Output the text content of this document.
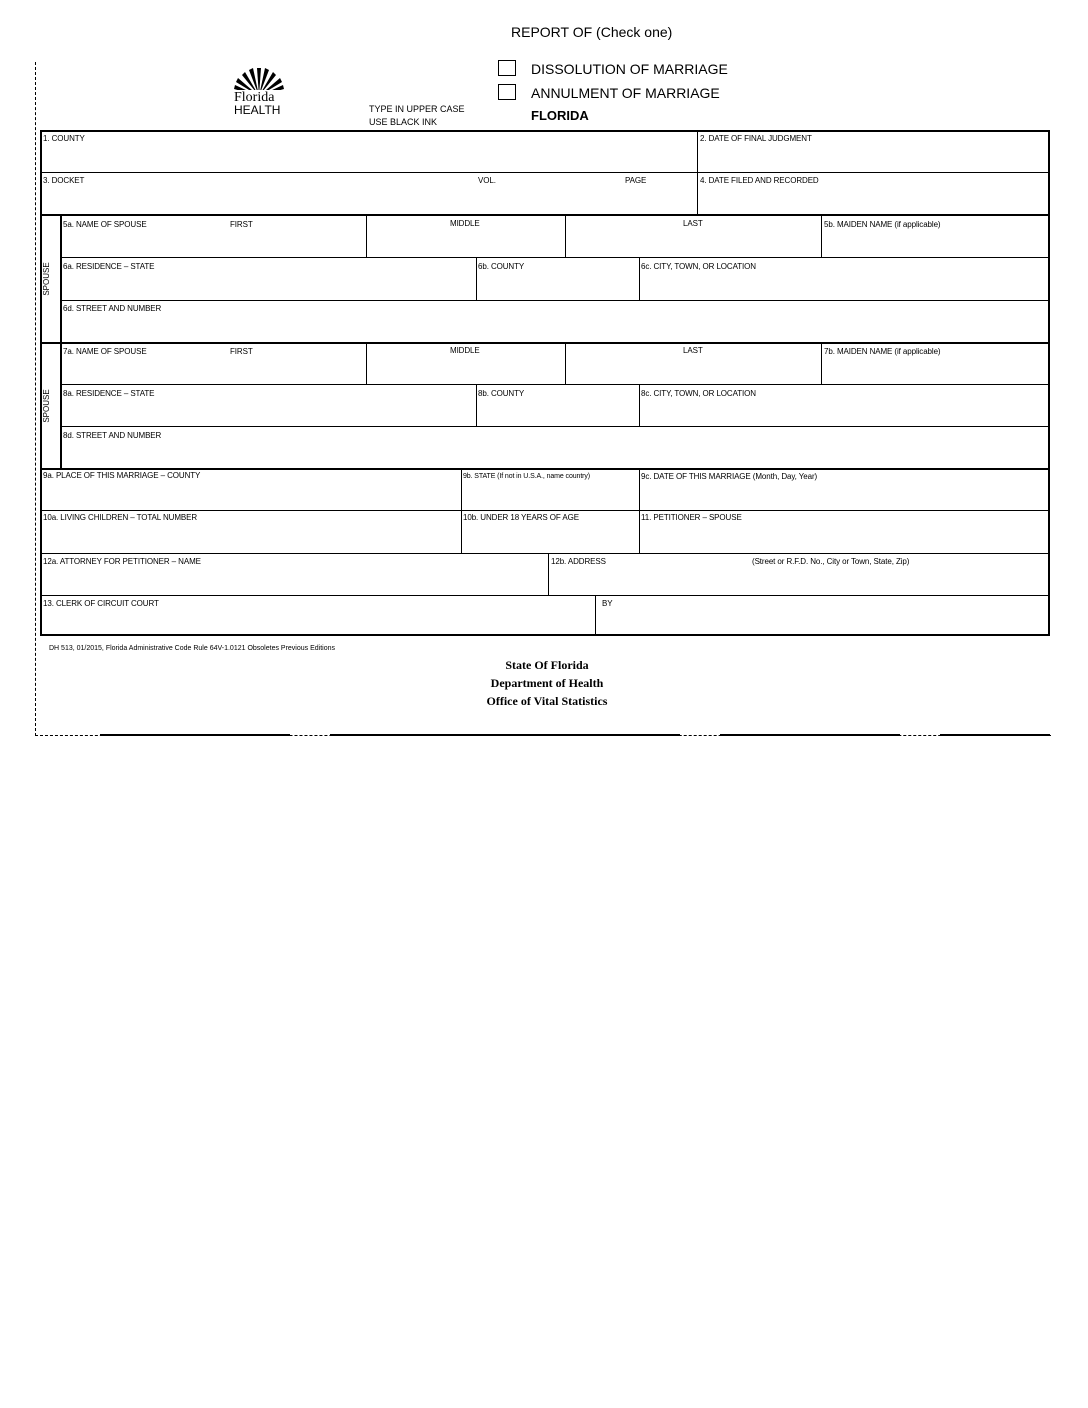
REPORT OF (Check one)
DISSOLUTION OF MARRIAGE
ANNULMENT OF MARRIAGE
FLORIDA
TYPE IN UPPER CASE
USE BLACK INK
Florida
HEALTH
1. COUNTY	2. DATE OF FINAL JUDGMENT
3. DOCKET	VOL.	PAGE	4. DATE FILED AND RECORDED
5a. NAME OF SPOUSE	FIRST	MIDDLE	LAST	5b. MAIDEN NAME (if applicable)
6a. RESIDENCE – STATE	6b. COUNTY	6c. CITY, TOWN, OR LOCATION
6d. STREET AND NUMBER
SPOUSE
7a. NAME OF SPOUSE	FIRST	MIDDLE	LAST	7b. MAIDEN NAME (if applicable)
8a. RESIDENCE – STATE	8b. COUNTY	8c. CITY, TOWN, OR LOCATION
8d. STREET AND NUMBER
SPOUSE
9a. PLACE OF THIS MARRIAGE – COUNTY	9b. STATE (If not in U.S.A., name country)	9c. DATE OF THIS MARRIAGE (Month, Day, Year)
10a. LIVING CHILDREN – TOTAL NUMBER	10b. UNDER 18 YEARS OF AGE	11. PETITIONER – SPOUSE
12a. ATTORNEY FOR PETITIONER – NAME	12b. ADDRESS	(Street or R.F.D. No., City or Town, State, Zip)
13. CLERK OF CIRCUIT COURT	BY
DH 513, 01/2015, Florida Administrative Code Rule 64V-1.0121 Obsoletes Previous Editions
State Of Florida
Department of Health
Office of Vital Statistics
